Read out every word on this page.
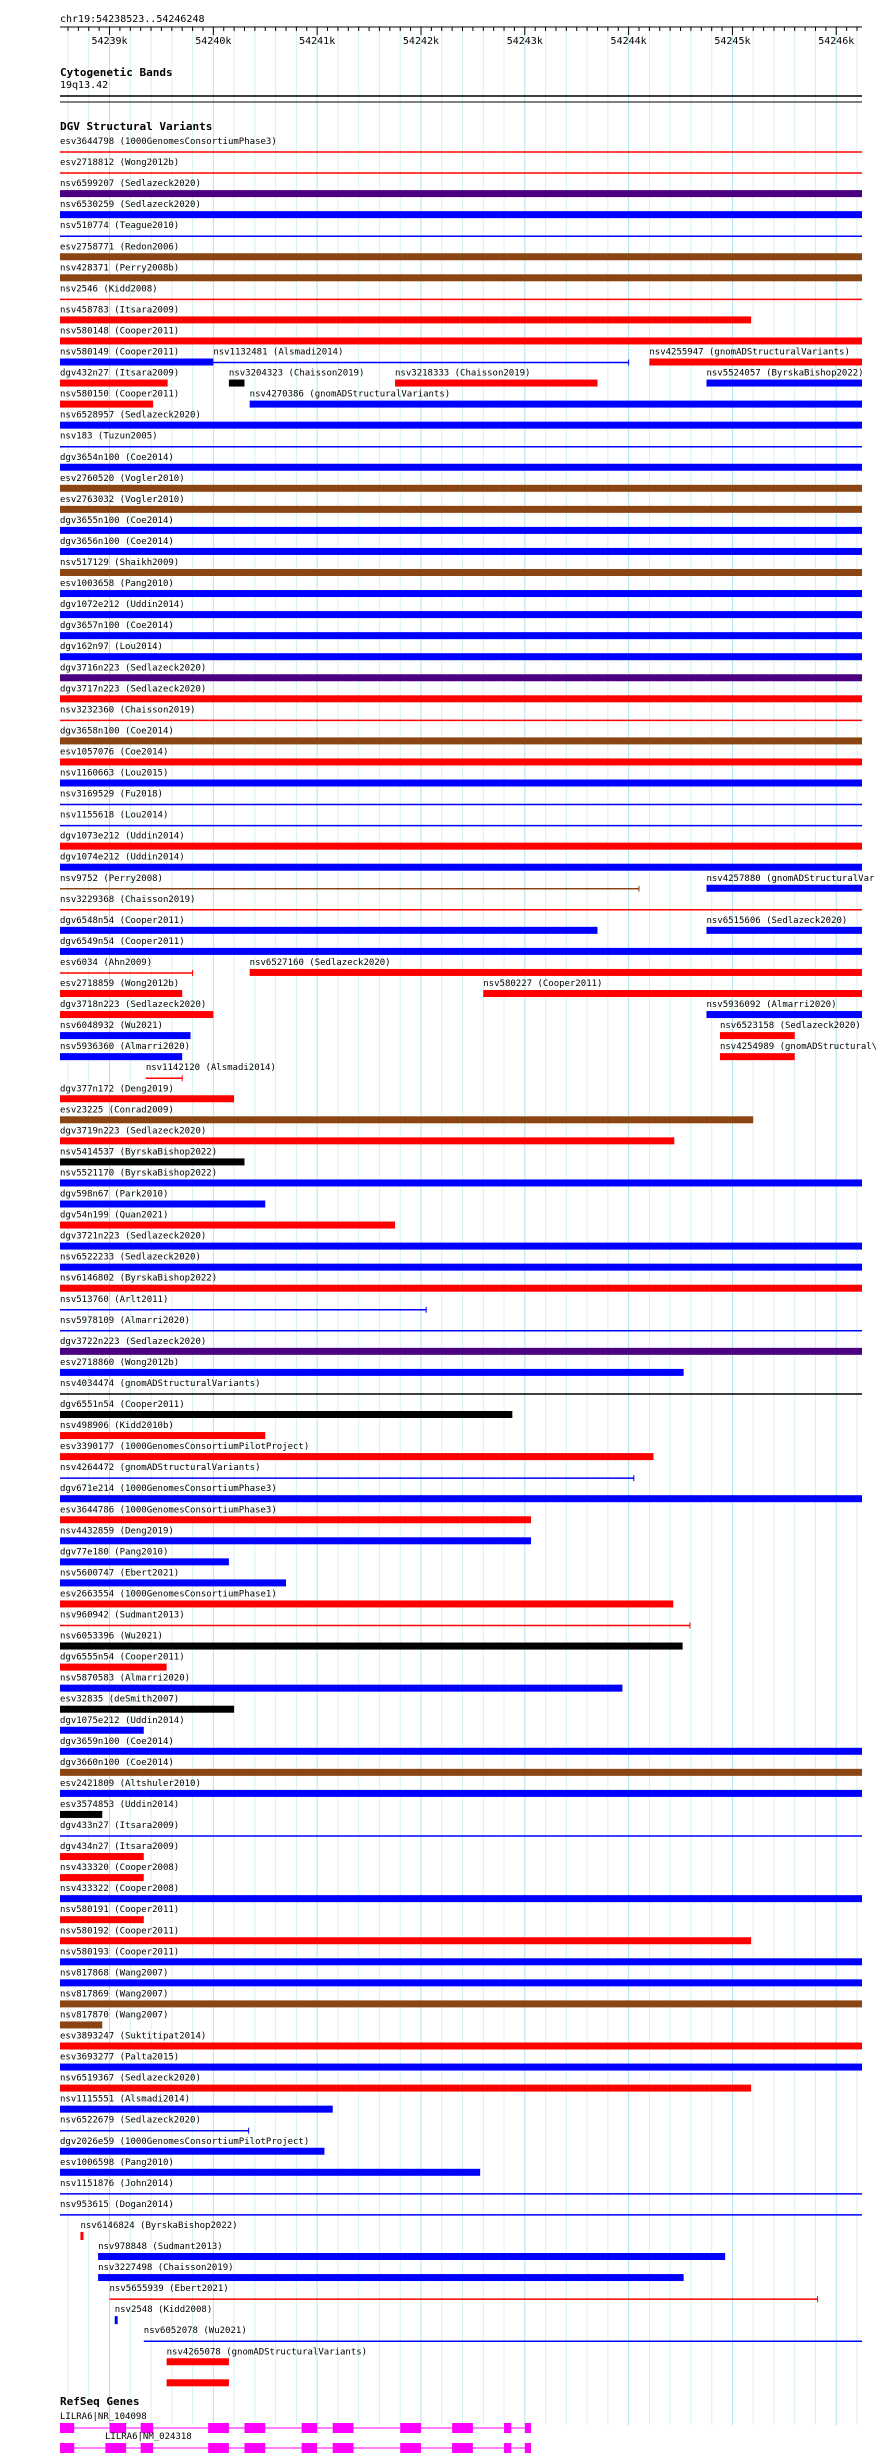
chr19:54238523..54246248
54239k	54240k	54241k	54242k	54243k	54244k	54245k	54246k
Cytogenetic Bands
19q13.42
DGV Structural Variants
esv3644798 (1000GenomesConsortiumPhase3)
esv2718812 (Wong2012b)
nsv6599207 (Sedlazeck2020)
nsv6530259 (Sedlazeck2020)
nsv510774 (Teague2010)
esv2758771 (Redon2006)
nsv428371 (Perry2008b)
nsv2546 (Kidd2008)
nsv458783 (Itsara2009)
nsv580148 (Cooper2011)
nsv580149 (Cooper2011)	nsv1132481 (Alsmadi2014)	nsv4255947 (gnomADStructuralVariants)
dgv432n27 (Itsara2009)	nsv3204323 (Chaisson2019)	nsv3218333 (Chaisson2019)	nsv5524057 (ByrskaBishop2022)
nsv580150 (Cooper2011)	nsv4270386 (gnomADStructuralVariants)
nsv6528957 (Sedlazeck2020)
nsv183 (Tuzun2005)
dgv3654n100 (Coe2014)
esv2760520 (Vogler2010)
esv2763032 (Vogler2010)
dgv3655n100 (Coe2014)
dgv3656n100 (Coe2014)
nsv517129 (Shaikh2009)
esv1003658 (Pang2010)
dgv1072e212 (Uddin2014)
dgv3657n100 (Coe2014)
dgv162n97 (Lou2014)
dgv3716n223 (Sedlazeck2020)
dgv3717n223 (Sedlazeck2020)
nsv3232360 (Chaisson2019)
dgv3658n100 (Coe2014)
esv1057076 (Coe2014)
nsv1160663 (Lou2015)
nsv3169529 (Fu2018)
nsv1155618 (Lou2014)
dgv1073e212 (Uddin2014)
dgv1074e212 (Uddin2014)
nsv9752 (Perry2008)	nsv4257880 (gnomADStructuralVar
nsv3229368 (Chaisson2019)
dgv6548n54 (Cooper2011)	nsv6515606 (Sedlazeck2020)
dgv6549n54 (Cooper2011)
esv6034 (Ahn2009)	nsv6527160 (Sedlazeck2020)
esv2718859 (Wong2012b)	nsv580227 (Cooper2011)
dgv3718n223 (Sedlazeck2020)	nsv5936092 (Almarri2020)
nsv6048932 (Wu2021)	nsv6523158 (Sedlazeck2020)
nsv5936360 (Almarri2020)	nsv4254989 (gnomADStructural\
nsv1142120 (Alsmadi2014)
dgv377n172 (Deng2019)
esv23225 (Conrad2009)
dgv3719n223 (Sedlazeck2020)
nsv5414537 (ByrskaBishop2022)
nsv5521170 (ByrskaBishop2022)
dgv598n67 (Park2010)
dgv54n199 (Quan2021)
dgv3721n223 (Sedlazeck2020)
nsv6522233 (Sedlazeck2020)
nsv6146802 (ByrskaBishop2022)
nsv513760 (Arlt2011)
nsv5978109 (Almarri2020)
dgv3722n223 (Sedlazeck2020)
esv2718860 (Wong2012b)
nsv4034474 (gnomADStructuralVariants)
dgv6551n54 (Cooper2011)
nsv498906 (Kidd2010b)
esv3390177 (1000GenomesConsortiumPilotProject)
nsv4264472 (gnomADStructuralVariants)
dgv671e214 (1000GenomesConsortiumPhase3)
esv3644786 (1000GenomesConsortiumPhase3)
nsv4432859 (Deng2019)
dgv77e180 (Pang2010)
nsv5600747 (Ebert2021)
esv2663554 (1000GenomesConsortiumPhase1)
nsv960942 (Sudmant2013)
nsv6053396 (Wu2021)
dgv6555n54 (Cooper2011)
nsv5870583 (Almarri2020)
esv32835 (deSmith2007)
dgv1075e212 (Uddin2014)
dgv3659n100 (Coe2014)
dgv3660n100 (Coe2014)
esv2421809 (Altshuler2010)
esv3574853 (Uddin2014)
dgv433n27 (Itsara2009)
dgv434n27 (Itsara2009)
nsv433320 (Cooper2008)
nsv433322 (Cooper2008)
nsv580191 (Cooper2011)
nsv580192 (Cooper2011)
nsv580193 (Cooper2011)
nsv817868 (Wang2007)
nsv817869 (Wang2007)
nsv817870 (Wang2007)
esv3893247 (Suktitipat2014)
esv3693277 (Palta2015)
nsv6519367 (Sedlazeck2020)
nsv1115551 (Alsmadi2014)
nsv6522679 (Sedlazeck2020)
dgv2026e59 (1000GenomesConsortiumPilotProject)
esv1006598 (Pang2010)
nsv1151876 (John2014)
nsv953615 (Dogan2014)
nsv6146824 (ByrskaBishop2022)
nsv978848 (Sudmant2013)
nsv3227498 (Chaisson2019)
nsv5655939 (Ebert2021)
nsv2548 (Kidd2008)
nsv6052078 (Wu2021)
nsv4265078 (gnomADStructuralVariants)
RefSeq Genes
LILRA6|NR_104098
LILRA6|NM_024318
